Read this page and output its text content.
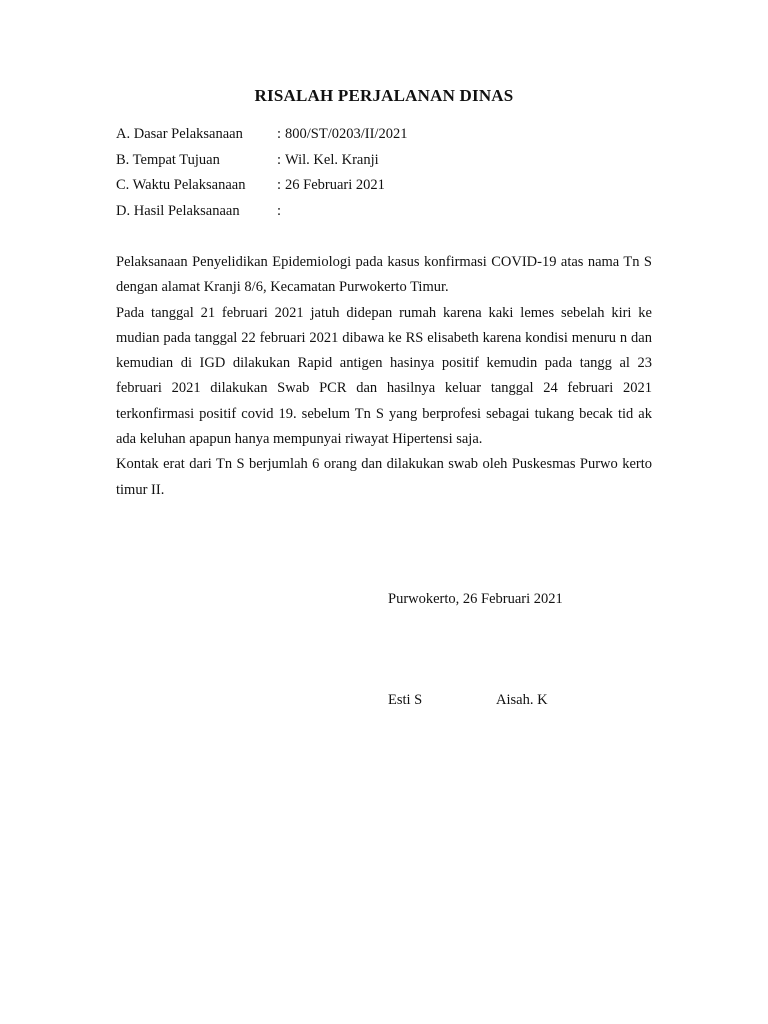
RISALAH PERJALANAN DINAS
A. Dasar Pelaksanaan	: 800/ST/0203/II/2021
B. Tempat Tujuan	: Wil. Kel. Kranji
C. Waktu Pelaksanaan	: 26 Februari 2021
D. Hasil Pelaksanaan	:

Pelaksanaan Penyelidikan Epidemiologi pada kasus konfirmasi COVID-19 atas nama Tn S dengan alamat Kranji 8/6, Kecamatan Purwokerto Timur.

Pada tanggal 21 februari 2021 jatuh didepan rumah karena kaki lemes sebelah kiri ke mudian pada tanggal 22 februari 2021 dibawa ke RS elisabeth karena kondisi menuru n dan kemudian di IGD dilakukan Rapid antigen hasinya positif kemudin pada tangg al 23 februari 2021 dilakukan Swab PCR dan hasilnya keluar tanggal 24 februari 2021 terkonfirmasi positif covid 19. sebelum Tn S yang berprofesi sebagai tukang becak tid ak ada keluhan apapun hanya mempunyai riwayat Hipertensi saja.

Kontak erat dari Tn S berjumlah 6 orang dan dilakukan swab oleh Puskesmas Purwo kerto timur II.

Purwokerto, 26 Februari 2021
Esti S	Aisah. K
